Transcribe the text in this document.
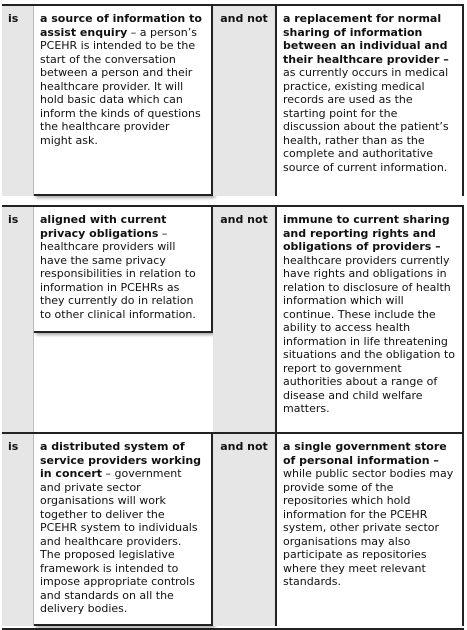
is	a source of information to assist enquiry – a person’s PCEHR is intended to be the start of the conversation between a person and their healthcare provider. It will hold basic data which can inform the kinds of questions the healthcare provider might ask.
and not	a replacement for normal sharing of information between an individual and their healthcare provider – as currently occurs in medical practice, existing medical records are used as the starting point for the discussion about the patient’s health, rather than as the complete and authoritative source of current information.
is	aligned with current privacy obligations – healthcare providers will have the same privacy responsibilities in relation to information in PCEHRs as they currently do in relation to other clinical information.
and not	immune to current sharing and reporting rights and obligations of providers – healthcare providers currently have rights and obligations in relation to disclosure of health information which will continue. These include the ability to access health information in life threatening situations and the obligation to report to government authorities about a range of disease and child welfare matters.
is	a distributed system of service providers working in concert – government and private sector organisations will work together to deliver the PCEHR system to individuals and healthcare providers. The proposed legislative framework is intended to impose appropriate controls and standards on all the delivery bodies.
and not	a single government store of personal information – while public sector bodies may provide some of the repositories which hold information for the PCEHR system, other private sector organisations may also participate as repositories where they meet relevant standards.
